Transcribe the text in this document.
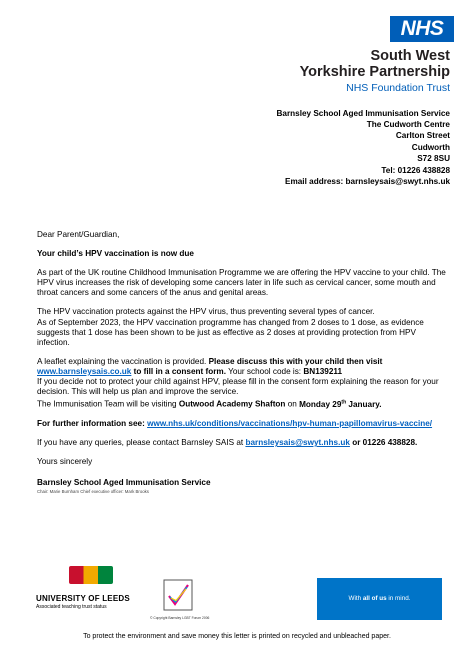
NHS
South West
Yorkshire Partnership
NHS Foundation Trust
Barnsley School Aged Immunisation Service
The Cudworth Centre
Carlton Street
Cudworth
S72 8SU
Tel: 01226 438828
Email address: barnsleysais@swyt.nhs.uk

Dear Parent/Guardian,

Your child’s HPV vaccination is now due

As part of the UK routine Childhood Immunisation Programme we are offering the HPV vaccine to your child. The HPV virus increases the risk of developing some cancers later in life such as cervical cancer, some mouth and throat cancers and some cancers of the anus and genital areas.

The HPV vaccination protects against the HPV virus, thus preventing several types of cancer.
As of September 2023, the HPV vaccination programme has changed from 2 doses to 1 dose, as evidence suggests that 1 dose has been shown to be just as effective as 2 doses at providing protection from HPV infection.

A leaflet explaining the vaccination is provided. Please discuss this with your child then visit www.barnsleysais.co.uk to fill in a consent form. Your school code is: BN139211
If you decide not to protect your child against HPV, please fill in the consent form explaining the reason for your decision. This will help us plan and improve the service.
The Immunisation Team will be visiting Outwood Academy Shafton on Monday 29th January.

For further information see: www.nhs.uk/conditions/vaccinations/hpv-human-papillomavirus-vaccine/

If you have any queries, please contact Barnsley SAIS at barnsleysais@swyt.nhs.uk or 01226 438828.

Yours sincerely

Barnsley School Aged Immunisation Service
Chair: Marie Burnham Chief executive officer: Mark Brooks
UNIVERSITY OF LEEDS
Associated teaching trust status
© Copyright Barnsley LGBT Forum 2006
With all of us in mind.
To protect the environment and save money this letter is printed on recycled and unbleached paper.
